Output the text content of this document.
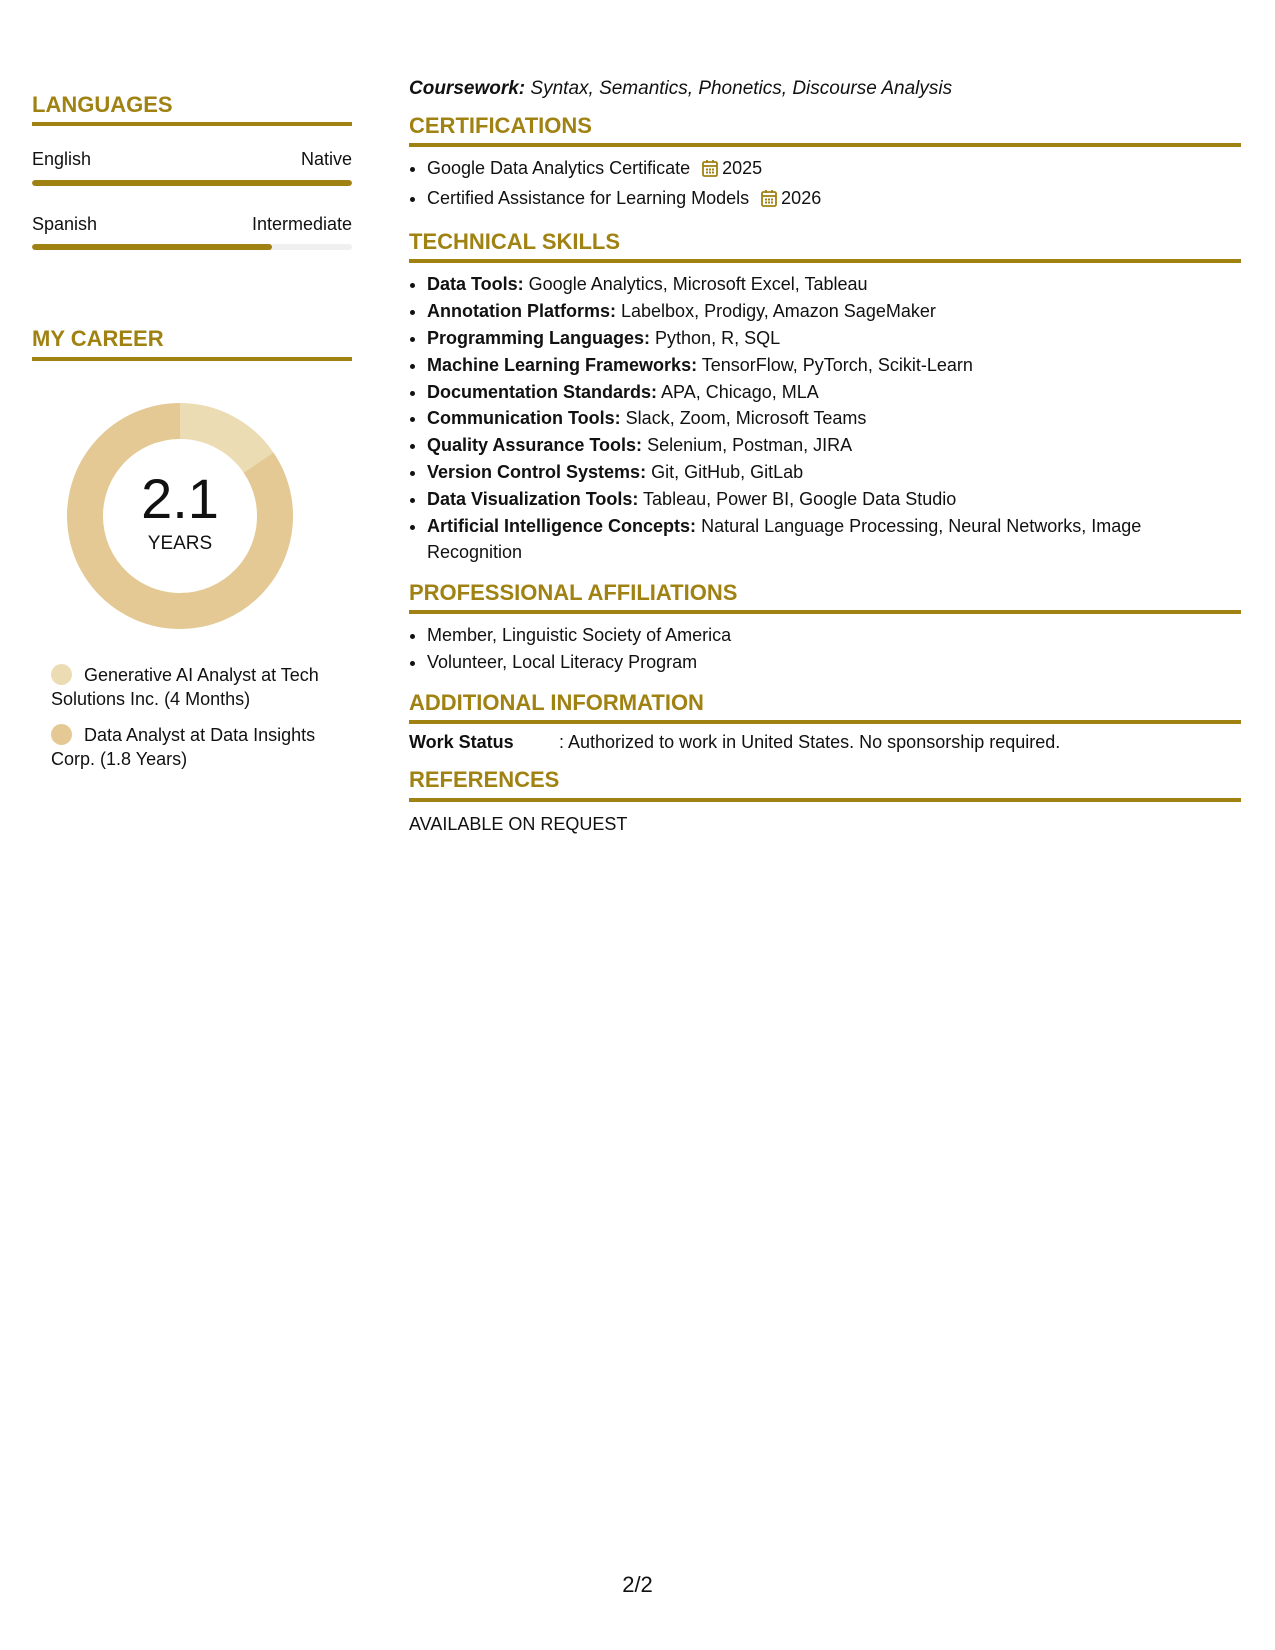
LANGUAGES
English	Native
Spanish	Intermediate
MY CAREER
2.1
YEARS
Generative AI Analyst at Tech Solutions Inc. (4 Months)
Data Analyst at Data Insights Corp. (1.8 Years)

Coursework: Syntax, Semantics, Phonetics, Discourse Analysis

CERTIFICATIONS
• Google Data Analytics Certificate 2025
• Certified Assistance for Learning Models 2026
TECHNICAL SKILLS
• Data Tools: Google Analytics, Microsoft Excel, Tableau
• Annotation Platforms: Labelbox, Prodigy, Amazon SageMaker
• Programming Languages: Python, R, SQL
• Machine Learning Frameworks: TensorFlow, PyTorch, Scikit-Learn
• Documentation Standards: APA, Chicago, MLA
• Communication Tools: Slack, Zoom, Microsoft Teams
• Quality Assurance Tools: Selenium, Postman, JIRA
• Version Control Systems: Git, GitHub, GitLab
• Data Visualization Tools: Tableau, Power BI, Google Data Studio
• Artificial Intelligence Concepts: Natural Language Processing, Neural Networks, Image Recognition
PROFESSIONAL AFFILIATIONS
• Member, Linguistic Society of America
• Volunteer, Local Literacy Program
ADDITIONAL INFORMATION
Work Status	: Authorized to work in United States. No sponsorship required.
REFERENCES
AVAILABLE ON REQUEST
2/2
